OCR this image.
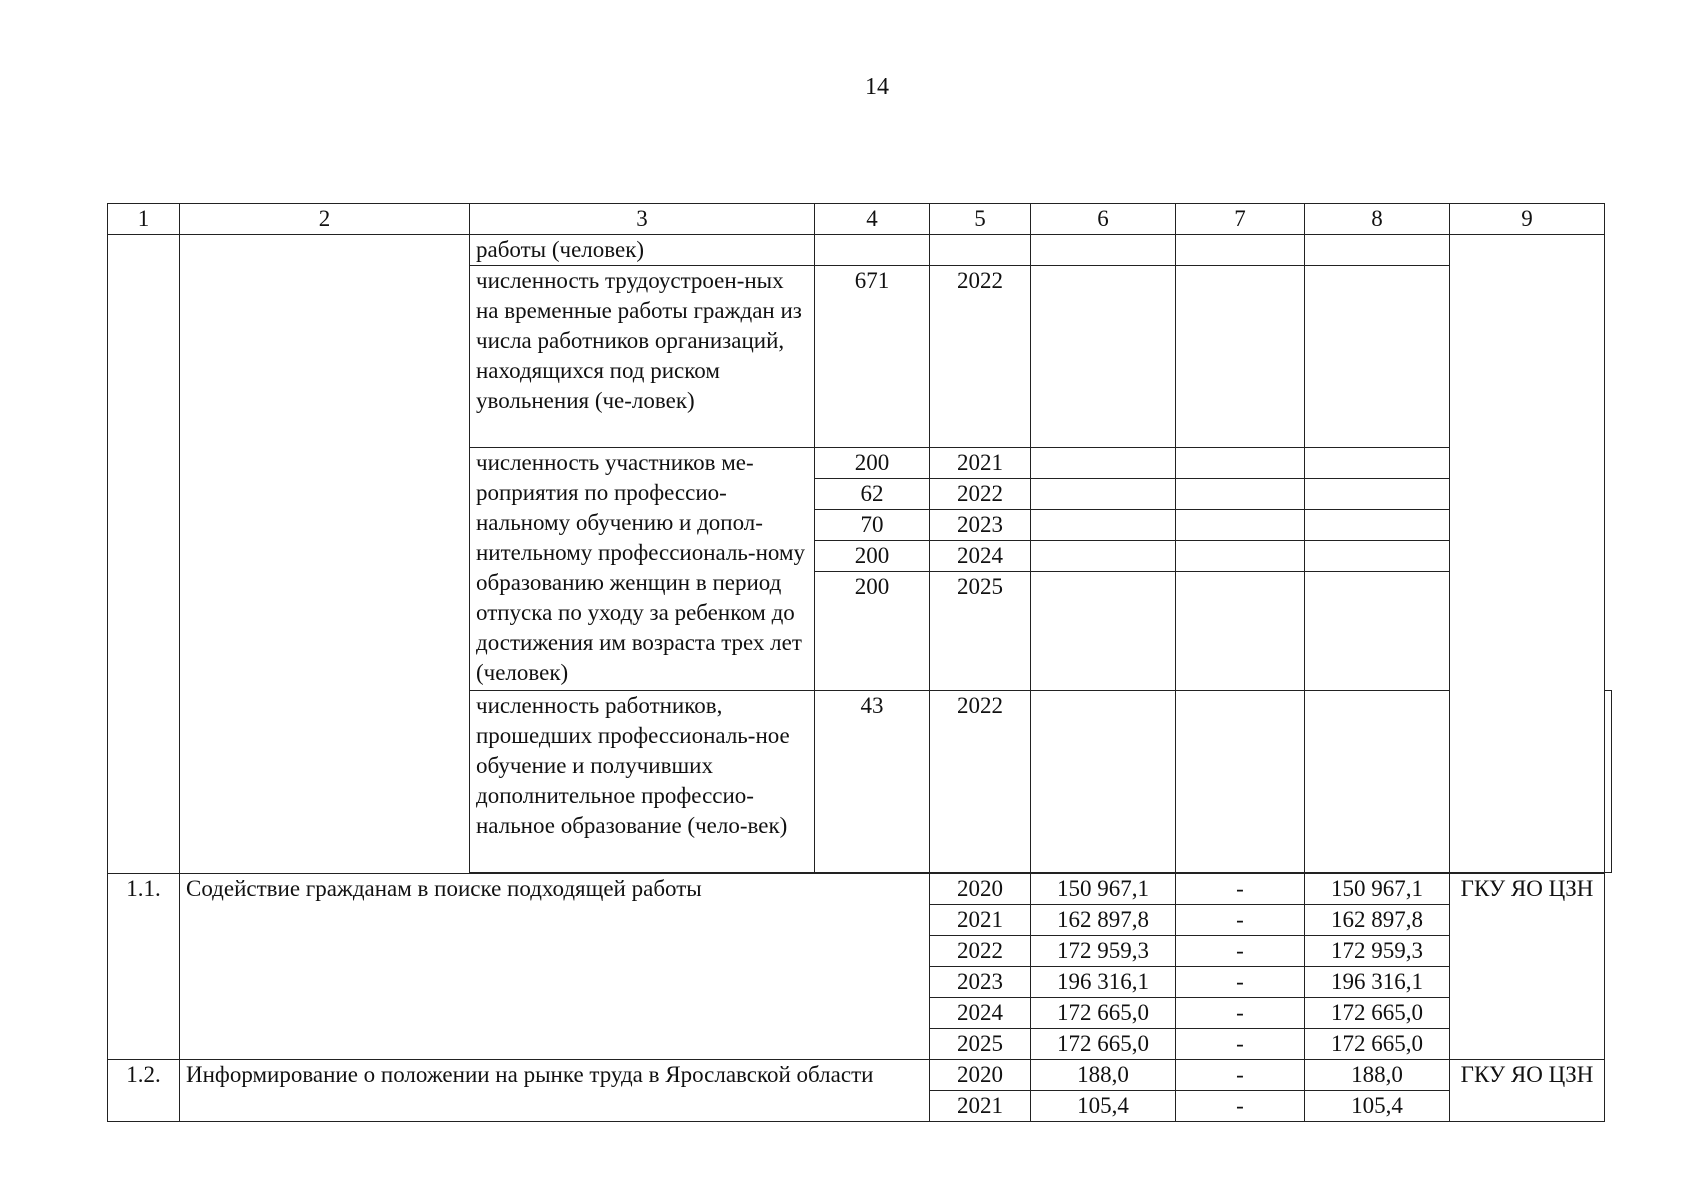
14
1	2	3	4	5	6	7	8	9	
		работы (человек)							
		численность трудоустроен-ных на временные работы граждан из числа работников организаций, находящихся под риском увольнения (че-ловек)	671	2022					
		численность участников ме-роприятия по профессио-нальному обучению и допол-нительному профессиональ-ному образованию женщин в период отпуска по уходу за ребенком до достижения им возраста трех лет (человек)	200	2021					
			62	2022					
			70	2023					
			200	2024					
			200	2025					
		численность работников, прошедших профессиональ-ное обучение и получивших дополнительное профессио-нальное образование (чело-век)	43	2022					

1.1.	Содействие гражданам в поиске подходящей работы			2020	150 967,1	-	150 967,1	ГКУ ЯО ЦЗН	
				2021	162 897,8	-	162 897,8		
				2022	172 959,3	-	172 959,3		
				2023	196 316,1	-	196 316,1		
				2024	172 665,0	-	172 665,0		
				2025	172 665,0	-	172 665,0		
1.2.	Информирование о положении на рынке труда в Ярославской области			2020	188,0	-	188,0	ГКУ ЯО ЦЗН	
				2021	105,4	-	105,4		
